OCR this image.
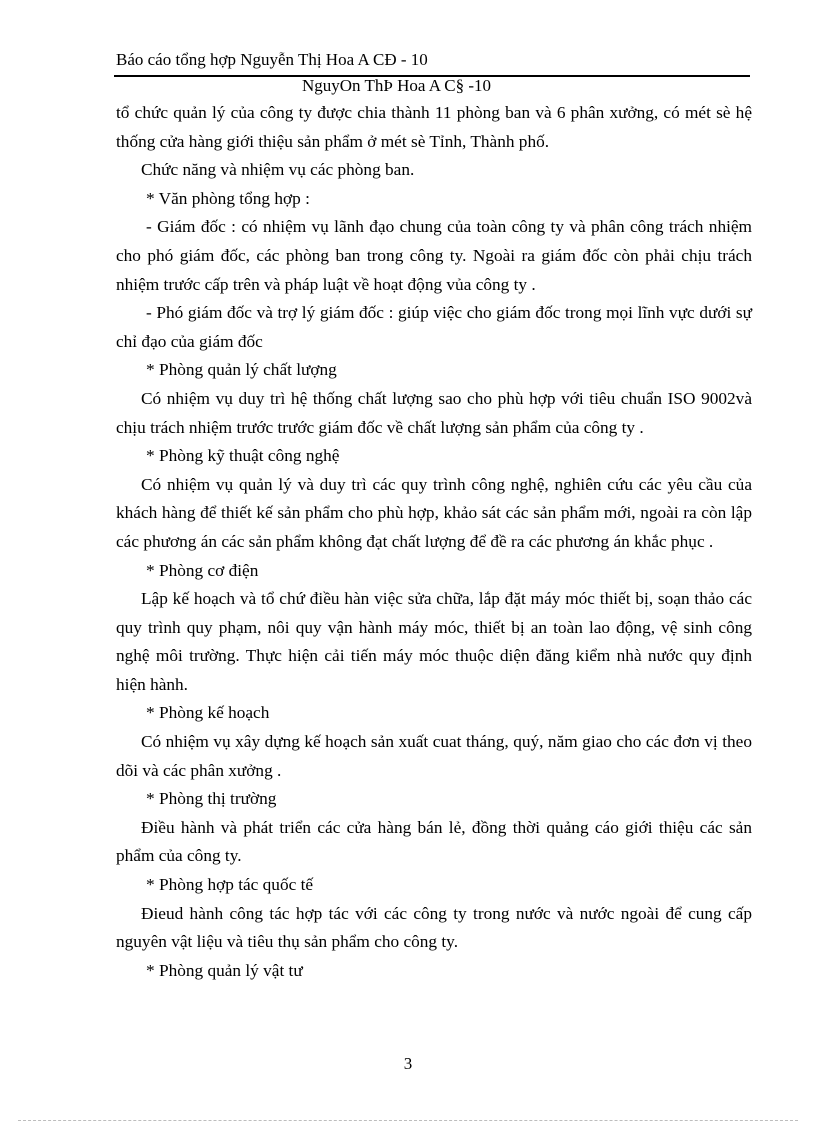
Báo cáo tổng hợp Nguyễn Thị Hoa A CĐ - 10
NguyOn ThÞ Hoa A C§ -10

tổ chức quản lý của công ty được chia thành 11 phòng ban và 6 phân xưởng, có mét sè hệ thống cửa hàng giới thiệu sản phẩm ở mét sè Tỉnh, Thành phố.

Chức năng và nhiệm vụ các phòng ban.

* Văn phòng tổng hợp :

- Giám đốc : có nhiệm vụ lãnh đạo chung của toàn công ty và phân công trách nhiệm cho phó giám đốc, các phòng ban trong công ty. Ngoài ra giám đốc còn phải chịu trách nhiệm trước cấp trên và pháp luật về hoạt động vủa công ty .

- Phó giám đốc và trợ lý giám đốc : giúp việc cho giám đốc trong mọi lĩnh vực dưới sự chỉ đạo của giám đốc

* Phòng quản lý chất lượng

Có nhiệm vụ duy trì hệ thống chất lượng sao cho phù hợp với tiêu chuẩn ISO 9002và chịu trách nhiệm trước trước giám đốc về chất lượng sản phẩm của công ty .

* Phòng kỹ thuật công nghệ

Có nhiệm vụ quản lý và duy trì các quy trình công nghệ, nghiên cứu các yêu cầu của khách hàng để thiết kế sản phẩm cho phù hợp, khảo sát các sản phẩm mới, ngoài ra còn lập các phương án các sản phẩm không đạt chất lượng để đề ra các phương án khắc phục .

* Phòng cơ điện

Lập kế hoạch và tổ chứ điều hàn việc sửa chữa, lắp đặt máy móc thiết bị, soạn thảo các quy trình quy phạm, nôi quy vận hành máy móc, thiết bị an toàn lao động, vệ sinh công nghệ môi trường. Thực hiện cải tiến máy móc thuộc diện đăng kiểm nhà nước quy định hiện hành.

* Phòng kế hoạch

Có nhiệm vụ xây dựng kế hoạch sản xuất cuat tháng, quý, năm giao cho các đơn vị theo dõi và các phân xưởng .

* Phòng thị trường

Điều hành và phát triển các cửa hàng bán lẻ, đồng thời quảng cáo giới thiệu các sản phẩm của công ty.

* Phòng hợp tác quốc tế

Đieud hành công tác hợp tác với các công ty trong nước và nước ngoài để cung cấp nguyên vật liệu và tiêu thụ sản phẩm cho công ty.

* Phòng quản lý vật tư

3
